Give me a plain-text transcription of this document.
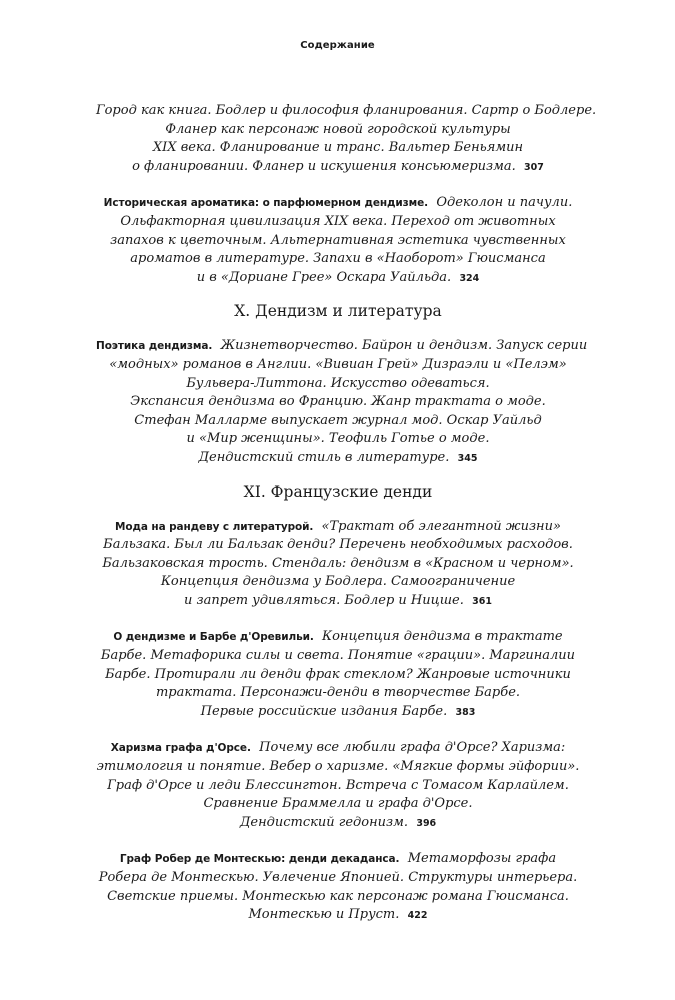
Содержание

Город как книга. Бодлер и философия фланирования. Сартр о Бодлере.
Фланер как персонаж новой городской культуры
XIX века. Фланирование и транс. Вальтер Беньямин
о фланировании. Фланер и искушения консьюмеризма. 307

Историческая ароматика: о парфюмерном дендизме. Одеколон и пачули.
Ольфакторная цивилизация XIX века. Переход от животных
запахов к цветочным. Альтернативная эстетика чувственных
ароматов в литературе. Запахи в «Наоборот» Гюисманса
и в «Дориане Грее» Оскара Уайльда. 324

X. Дендизм и литература

Поэтика дендизма. Жизнетворчество. Байрон и дендизм. Запуск серии
«модных» романов в Англии. «Вивиан Грей» Дизраэли и «Пелэм»
Бульвера-Литтона. Искусство одеваться.
Экспансия дендизма во Францию. Жанр трактата о моде.
Стефан Малларме выпускает журнал мод. Оскар Уайльд
и «Мир женщины». Теофиль Готье о моде.
Дендистский стиль в литературе. 345

XI. Французские денди

Мода на рандеву с литературой. «Трактат об элегантной жизни»
Бальзака. Был ли Бальзак денди? Перечень необходимых расходов.
Бальзаковская трость. Стендаль: дендизм в «Красном и черном».
Концепция дендизма у Бодлера. Самоограничение
и запрет удивляться. Бодлер и Ницше. 361

О дендизме и Барбе д'Оревильи. Концепция дендизма в трактате
Барбе. Метафорика силы и света. Понятие «грации». Маргиналии
Барбе. Протирали ли денди фрак стеклом? Жанровые источники
трактата. Персонажи-денди в творчестве Барбе.
Первые российские издания Барбе. 383

Харизма графа д'Орсе. Почему все любили графа д'Орсе? Харизма:
этимология и понятие. Вебер о харизме. «Мягкие формы эйфории».
Граф д'Орсе и леди Блессингтон. Встреча с Томасом Карлайлем.
Сравнение Браммелла и графа д'Орсе.
Дендистский гедонизм. 396

Граф Робер де Монтескью: денди декаданса. Метаморфозы графа
Робера де Монтескью. Увлечение Японией. Структуры интерьера.
Светские приемы. Монтескью как персонаж романа Гюисманса.
Монтескью и Пруст. 422
